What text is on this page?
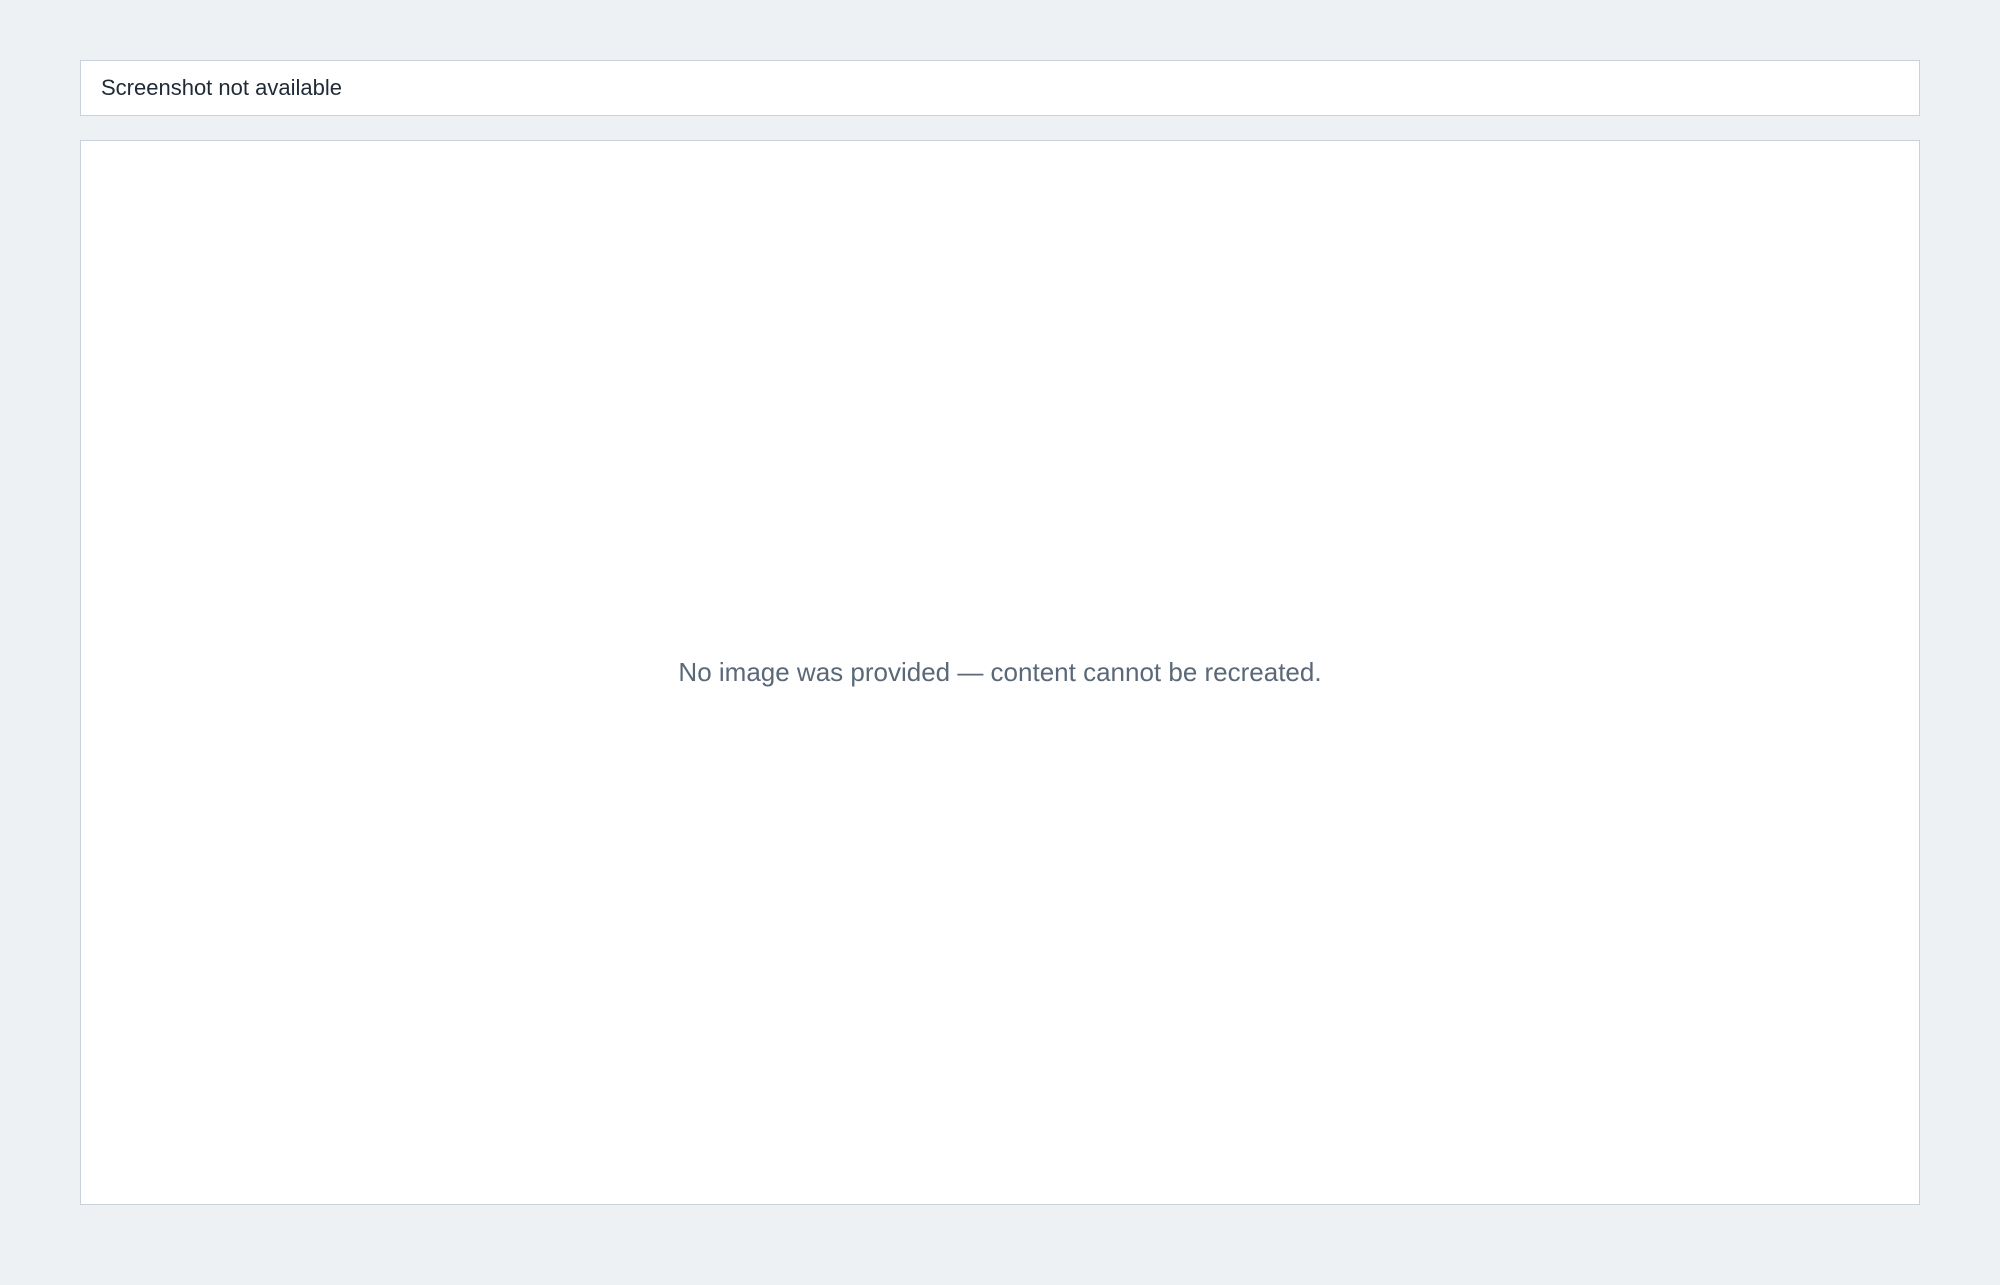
Screenshot not available

No image was provided — content cannot be recreated.
